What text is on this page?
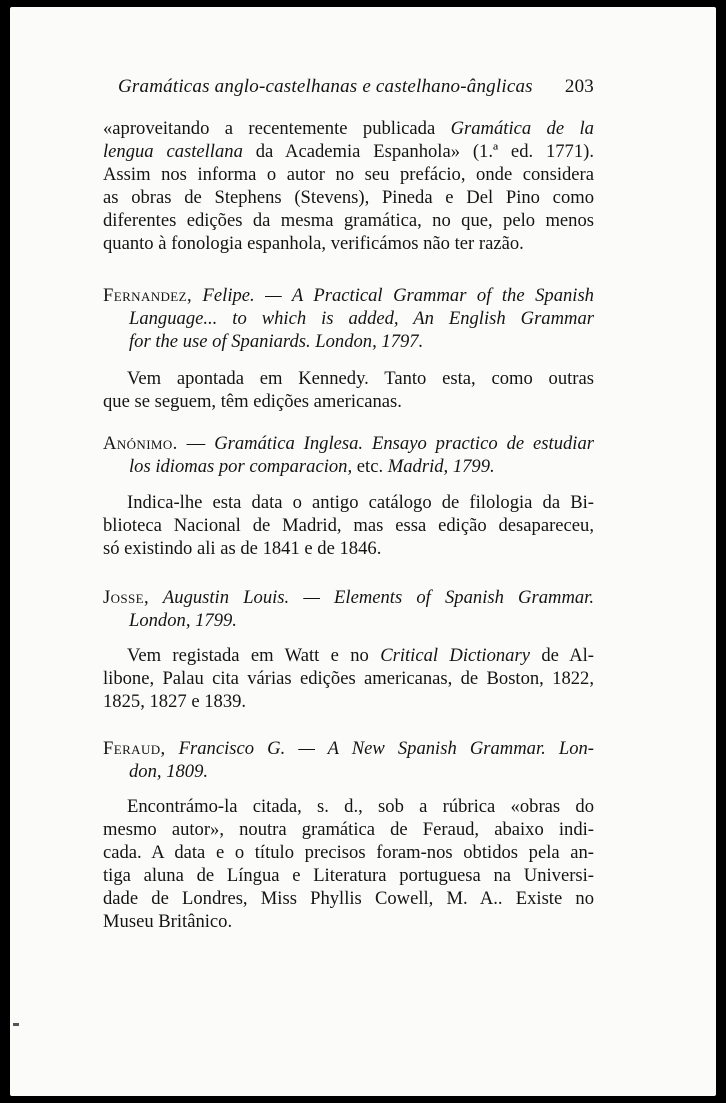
Gramáticas anglo-castelhanas e castelhano-ânglicas 203
«aproveitando a recentemente publicada Gramática de la
lengua castellana da Academia Espanhola» (1.ª ed. 1771).
Assim nos informa o autor no seu prefácio, onde considera
as obras de Stephens (Stevens), Pineda e Del Pino como
diferentes edições da mesma gramática, no que, pelo menos
quanto à fonologia espanhola, verificámos não ter razão.
Fernandez, Felipe. — A Practical Grammar of the Spanish
Language... to which is added, An English Grammar
for the use of Spaniards. London, 1797.
Vem apontada em Kennedy. Tanto esta, como outras
que se seguem, têm edições americanas.
Anónimo. — Gramática Inglesa. Ensayo practico de estudiar
los idiomas por comparacion, etc. Madrid, 1799.
Indica-lhe esta data o antigo catálogo de filologia da Bi-
blioteca Nacional de Madrid, mas essa edição desapareceu,
só existindo ali as de 1841 e de 1846.
Josse, Augustin Louis. — Elements of Spanish Grammar.
London, 1799.
Vem registada em Watt e no Critical Dictionary de Al-
libone, Palau cita várias edições americanas, de Boston, 1822,
1825, 1827 e 1839.
Feraud, Francisco G. — A New Spanish Grammar. Lon-
don, 1809.
Encontrámo-la citada, s. d., sob a rúbrica «obras do
mesmo autor», noutra gramática de Feraud, abaixo indi-
cada. A data e o título precisos foram-nos obtidos pela an-
tiga aluna de Língua e Literatura portuguesa na Universi-
dade de Londres, Miss Phyllis Cowell, M. A.. Existe no
Museu Britânico.
